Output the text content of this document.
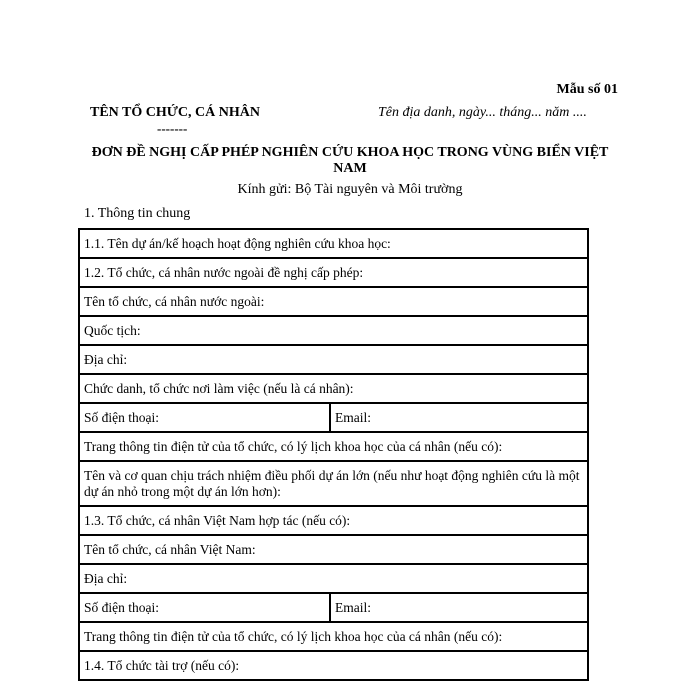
Mẫu số 01
TÊN TỔ CHỨC, CÁ NHÂN
-------
Tên địa danh, ngày... tháng... năm ....
ĐƠN ĐỀ NGHỊ CẤP PHÉP NGHIÊN CỨU KHOA HỌC TRONG VÙNG BIỂN VIỆT NAM
Kính gửi: Bộ Tài nguyên và Môi trường
1. Thông tin chung
1.1. Tên dự án/kế hoạch hoạt động nghiên cứu khoa học:	
1.2. Tổ chức, cá nhân nước ngoài đề nghị cấp phép:	
Tên tổ chức, cá nhân nước ngoài:	
Quốc tịch:	
Địa chỉ:	
Chức danh, tổ chức nơi làm việc (nếu là cá nhân):	
Số điện thoại:	Email:
Trang thông tin điện tử của tổ chức, có lý lịch khoa học của cá nhân (nếu có):	
Tên và cơ quan chịu trách nhiệm điều phối dự án lớn (nếu như hoạt động nghiên cứu là một dự án nhỏ trong một dự án lớn hơn):	
1.3. Tổ chức, cá nhân Việt Nam hợp tác (nếu có):	
Tên tổ chức, cá nhân Việt Nam:	
Địa chỉ:	
Số điện thoại:	Email:
Trang thông tin điện tử của tổ chức, có lý lịch khoa học của cá nhân (nếu có):	
1.4. Tổ chức tài trợ (nếu có):	
